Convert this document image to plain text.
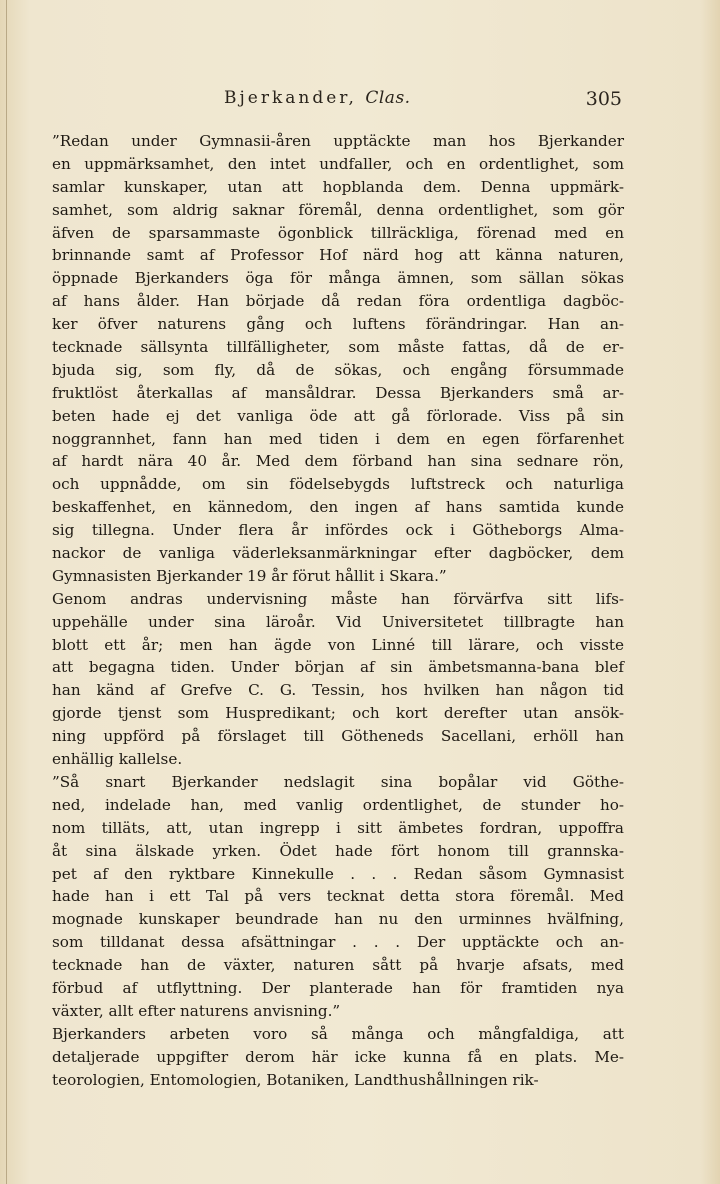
Bjerkander, Clas.	305
”Redan under Gymnasii-åren upptäckte man hos Bjerkander
en uppmärksamhet, den intet undfaller, och en ordentlighet, som
samlar kunskaper, utan att hopblanda dem. Denna uppmärk-
samhet, som aldrig saknar föremål, denna ordentlighet, som gör
äfven de sparsammaste ögonblick tillräckliga, förenad med en
brinnande samt af Professor Hof närd hog att känna naturen,
öppnade Bjerkanders öga för många ämnen, som sällan sökas
af hans ålder. Han började då redan föra ordentliga dagböc-
ker öfver naturens gång och luftens förändringar. Han an-
tecknade sällsynta tillfälligheter, som måste fattas, då de er-
bjuda sig, som fly, då de sökas, och engång försummade
fruktlöst återkallas af mansåldrar. Dessa Bjerkanders små ar-
beten hade ej det vanliga öde att gå förlorade. Viss på sin
noggrannhet, fann han med tiden i dem en egen förfarenhet
af hardt nära 40 år. Med dem förband han sina sednare rön,
och uppnådde, om sin födelsebygds luftstreck och naturliga
beskaffenhet, en kännedom, den ingen af hans samtida kunde
sig tillegna. Under flera år infördes ock i Götheborgs Alma-
nackor de vanliga väderleksanmärkningar efter dagböcker, dem
Gymnasisten Bjerkander 19 år förut hållit i Skara.”
Genom andras undervisning måste han förvärfva sitt lifs-
uppehälle under sina läroår. Vid Universitetet tillbragte han
blott ett år; men han ägde von Linné till lärare, och visste
att begagna tiden. Under början af sin ämbetsmanna-bana blef
han känd af Grefve C. G. Tessin, hos hvilken han någon tid
gjorde tjenst som Huspredikant; och kort derefter utan ansök-
ning uppförd på förslaget till Götheneds Sacellani, erhöll han
enhällig kallelse.
”Så snart Bjerkander nedslagit sina bopålar vid Göthe-
ned, indelade han, med vanlig ordentlighet, de stunder ho-
nom tilläts, att, utan ingrepp i sitt ämbetes fordran, uppoffra
åt sina älskade yrken. Ödet hade fört honom till grannska-
pet af den ryktbare Kinnekulle . . . Redan såsom Gymnasist
hade han i ett Tal på vers tecknat detta stora föremål. Med
mognade kunskaper beundrade han nu den urminnes hvälfning,
som tilldanat dessa afsättningar . . . Der upptäckte och an-
tecknade han de växter, naturen sått på hvarje afsats, med
förbud af utflyttning. Der planterade han för framtiden nya
växter, allt efter naturens anvisning.”
Bjerkanders arbeten voro så många och mångfaldiga, att
detaljerade uppgifter derom här icke kunna få en plats. Me-
teorologien, Entomologien, Botaniken, Landthushållningen rik-
